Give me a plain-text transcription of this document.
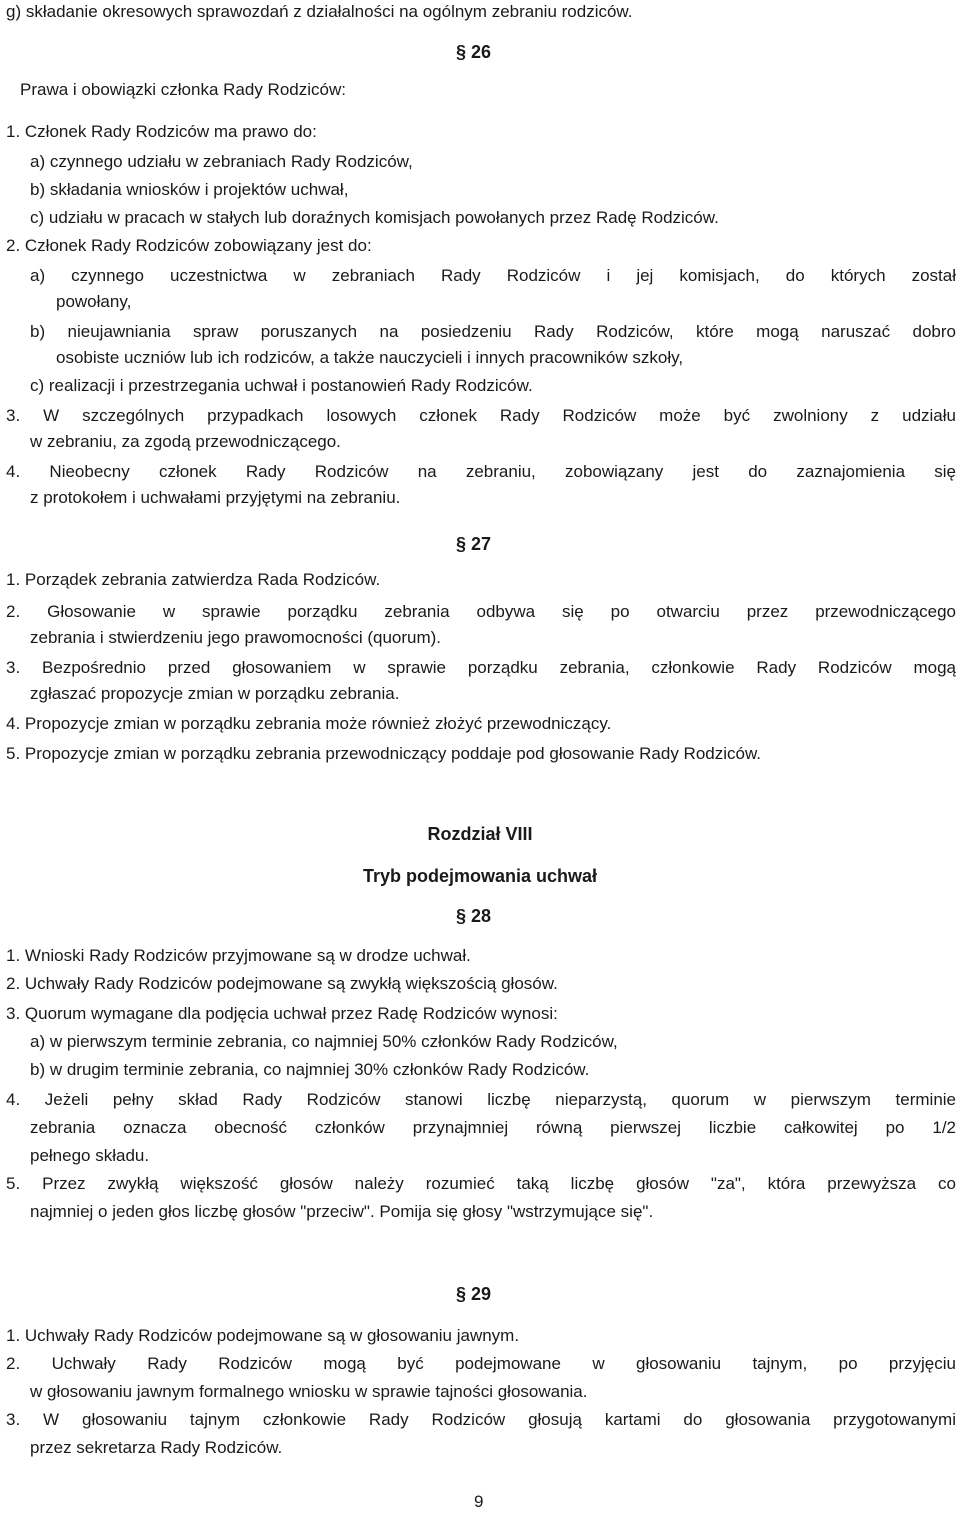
g) składanie okresowych sprawozdań z działalności na ogólnym zebraniu rodziców.
§ 26
Prawa i obowiązki członka Rady Rodziców:
1. Członek Rady Rodziców ma prawo do:
a) czynnego udziału w zebraniach Rady Rodziców,
b) składania wniosków i projektów uchwał,
c) udziału w pracach w stałych lub doraźnych komisjach powołanych przez Radę Rodziców.
2. Członek Rady Rodziców zobowiązany jest do:
a) czynnego uczestnictwa w zebraniach Rady Rodziców i jej komisjach, do których został
powołany,
b) nieujawniania spraw poruszanych na posiedzeniu Rady Rodziców, które mogą naruszać dobro
osobiste uczniów lub ich rodziców, a także nauczycieli i innych pracowników szkoły,
c) realizacji i przestrzegania uchwał i postanowień Rady Rodziców.
3. W szczególnych przypadkach losowych członek Rady Rodziców może być zwolniony z udziału
w zebraniu, za zgodą przewodniczącego.
4. Nieobecny członek Rady Rodziców na zebraniu, zobowiązany jest do zaznajomienia się
z protokołem i uchwałami przyjętymi na zebraniu.
§ 27
1. Porządek zebrania zatwierdza Rada Rodziców.
2. Głosowanie w sprawie porządku zebrania odbywa się po otwarciu przez przewodniczącego
zebrania i stwierdzeniu jego prawomocności (quorum).
3. Bezpośrednio przed głosowaniem w sprawie porządku zebrania, członkowie Rady Rodziców mogą
zgłaszać propozycje zmian w porządku zebrania.
4. Propozycje zmian w porządku zebrania może również złożyć przewodniczący.
5. Propozycje zmian w porządku zebrania przewodniczący poddaje pod głosowanie Rady Rodziców.
Rozdział VIII
Tryb podejmowania uchwał
§ 28
1. Wnioski Rady Rodziców przyjmowane są w drodze uchwał.
2. Uchwały Rady Rodziców podejmowane są zwykłą większością głosów.
3. Quorum wymagane dla podjęcia uchwał przez Radę Rodziców wynosi:
a) w pierwszym terminie zebrania, co najmniej 50% członków Rady Rodziców,
b) w drugim terminie zebrania, co najmniej 30% członków Rady Rodziców.
4. Jeżeli pełny skład Rady Rodziców stanowi liczbę nieparzystą, quorum w pierwszym terminie
zebrania oznacza obecność członków przynajmniej równą pierwszej liczbie całkowitej po 1/2
pełnego składu.
5. Przez zwykłą większość głosów należy rozumieć taką liczbę głosów "za", która przewyższa co
najmniej o jeden głos liczbę głosów "przeciw". Pomija się głosy "wstrzymujące się".
§ 29
1. Uchwały Rady Rodziców podejmowane są w głosowaniu jawnym.
2. Uchwały Rady Rodziców mogą być podejmowane w głosowaniu tajnym, po przyjęciu
w głosowaniu jawnym formalnego wniosku w sprawie tajności głosowania.
3. W głosowaniu tajnym członkowie Rady Rodziców głosują kartami do głosowania przygotowanymi
przez sekretarza Rady Rodziców.
9
